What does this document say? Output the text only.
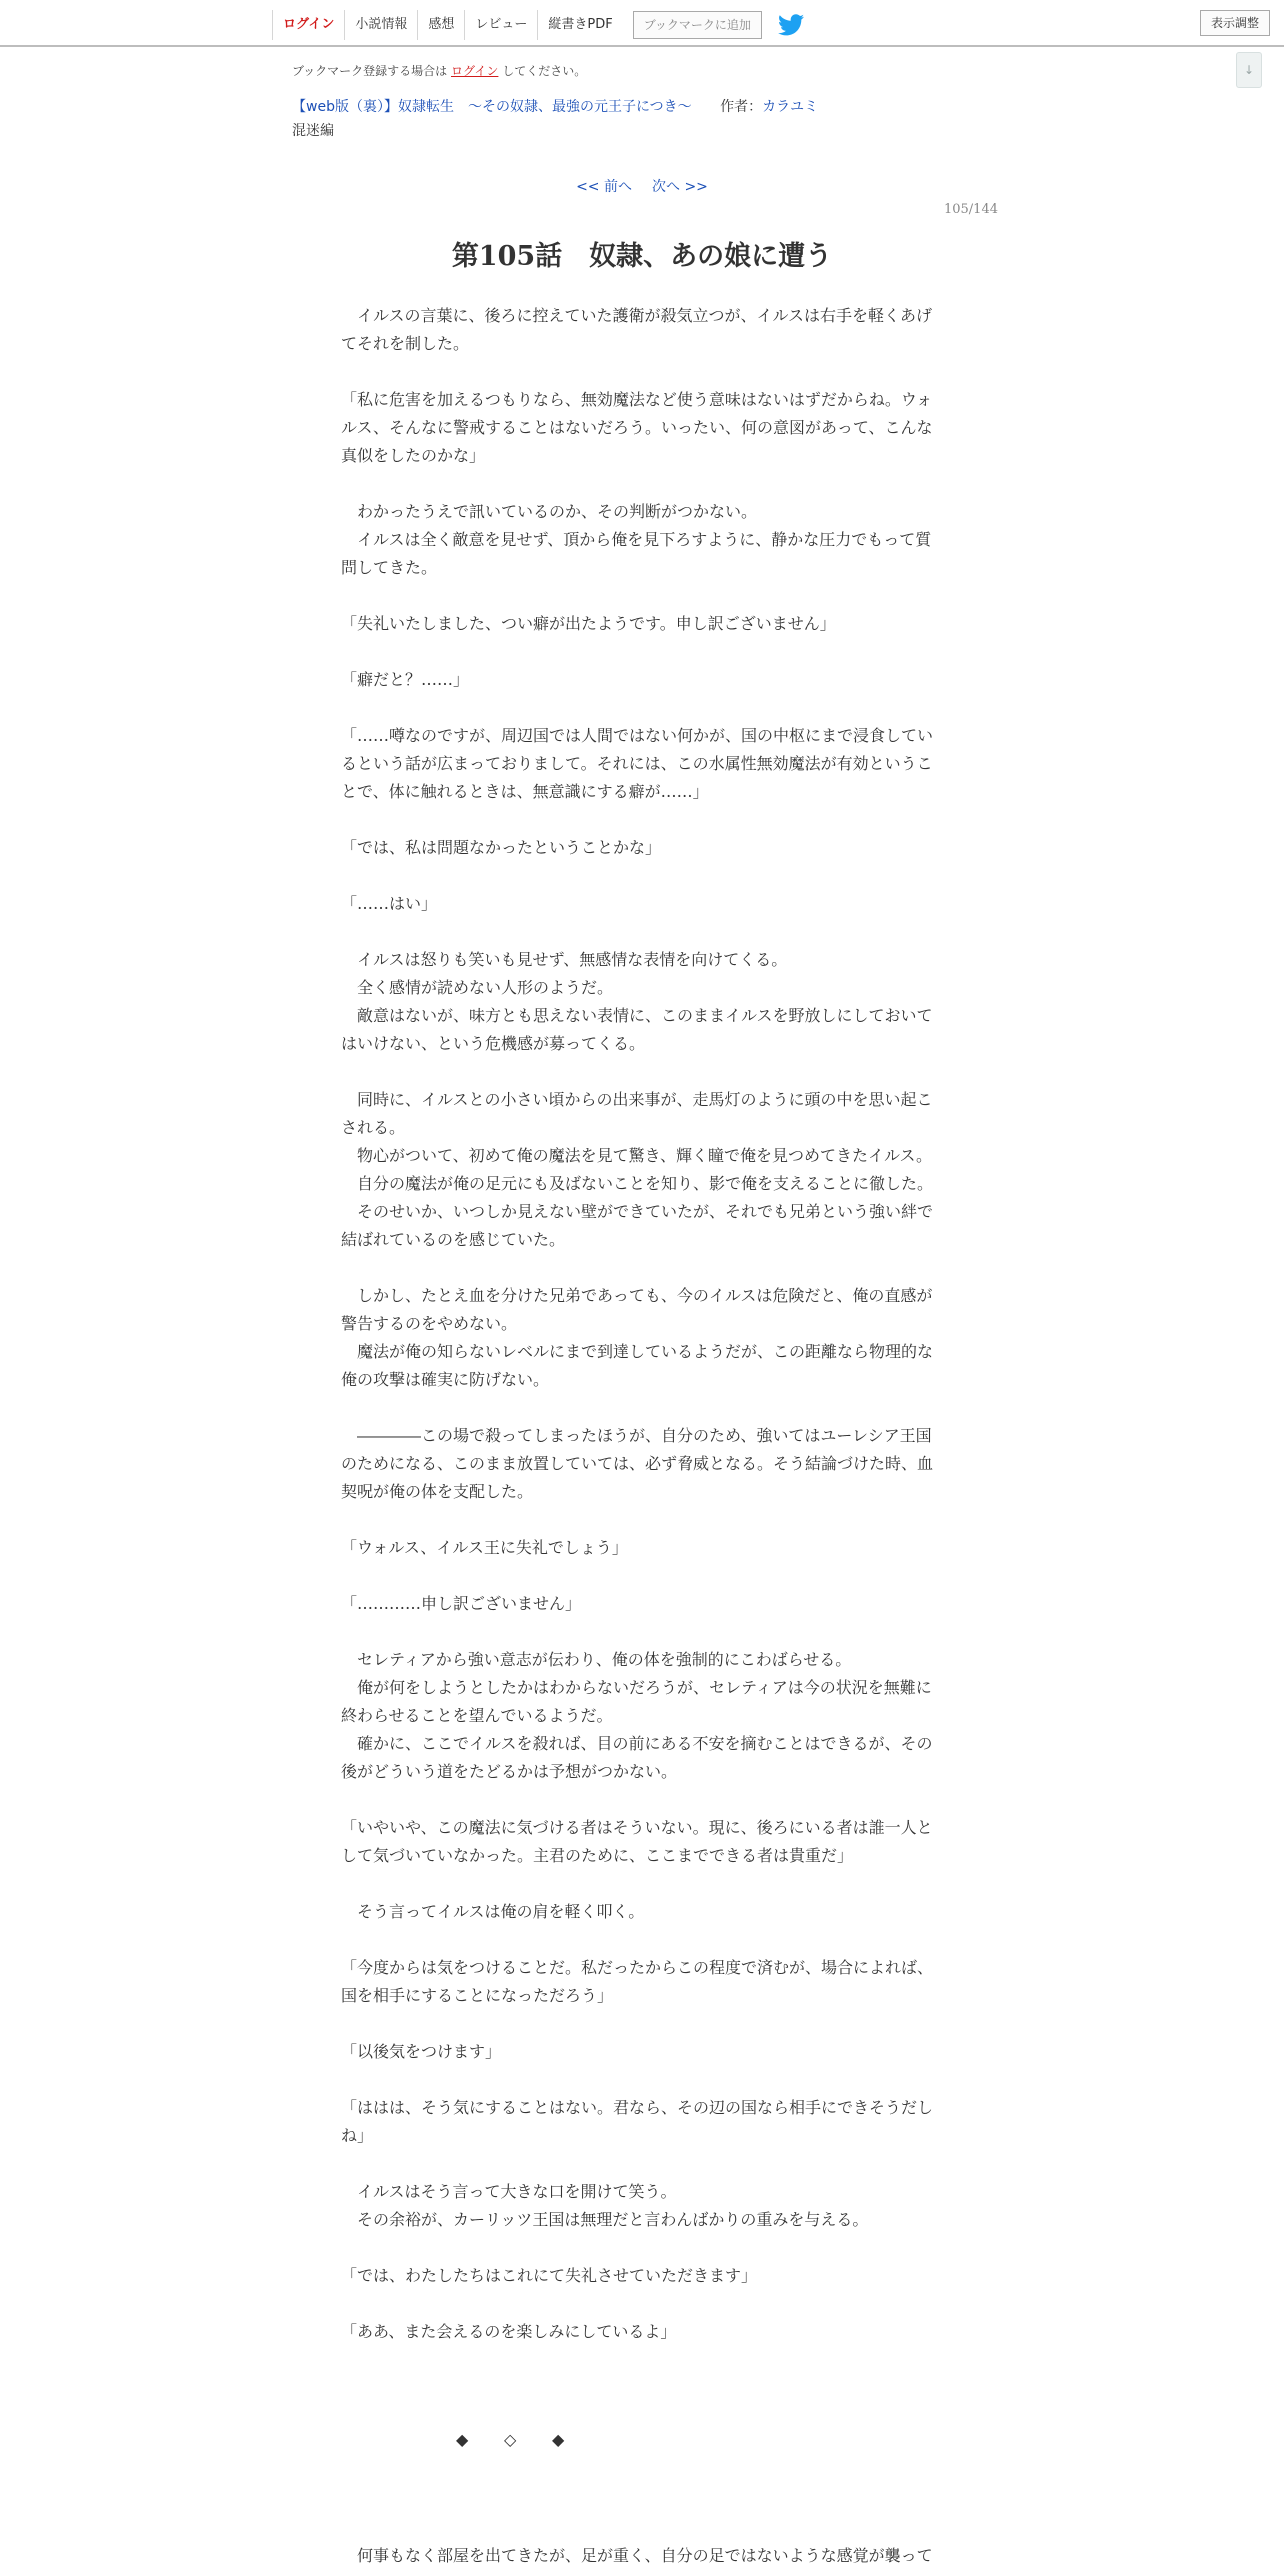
ログイン	小説情報	感想	レビュー	縦書きPDF	ブックマークに追加	表示調整
↓
ブックマーク登録する場合は ログイン してください。
【web版（裏）】奴隷転生　～その奴隷、最強の元王子につき～ 作者：カラユミ
混迷編
<< 前へ 次へ >>
105/144
第105話　奴隷、あの娘に遭う

　イルスの言葉に、後ろに控えていた護衛が殺気立つが、イルスは右手を軽くあげてそれを制した。

「私に危害を加えるつもりなら、無効魔法など使う意味はないはずだからね。ウォルス、そんなに警戒することはないだろう。いったい、何の意図があって、こんな真似をしたのかな」

　わかったうえで訊いているのか、その判断がつかない。

　イルスは全く敵意を見せず、頂から俺を見下ろすように、静かな圧力でもって質問してきた。

「失礼いたしました、つい癖が出たようです。申し訳ございません」

「癖だと？……」

「……噂なのですが、周辺国では人間ではない何かが、国の中枢にまで浸食しているという話が広まっておりまして。それには、この水属性無効魔法が有効ということで、体に触れるときは、無意識にする癖が……」

「では、私は問題なかったということかな」

「……はい」

　イルスは怒りも笑いも見せず、無感情な表情を向けてくる。

　全く感情が読めない人形のようだ。

　敵意はないが、味方とも思えない表情に、このままイルスを野放しにしておいてはいけない、という危機感が募ってくる。

　同時に、イルスとの小さい頃からの出来事が、走馬灯のように頭の中を思い起こされる。

　物心がついて、初めて俺の魔法を見て驚き、輝く瞳で俺を見つめてきたイルス。

　自分の魔法が俺の足元にも及ばないことを知り、影で俺を支えることに徹した。

　そのせいか、いつしか見えない壁ができていたが、それでも兄弟という強い絆で結ばれているのを感じていた。

　しかし、たとえ血を分けた兄弟であっても、今のイルスは危険だと、俺の直感が警告するのをやめない。

　魔法が俺の知らないレベルにまで到達しているようだが、この距離なら物理的な俺の攻撃は確実に防げない。

　――――この場で殺ってしまったほうが、自分のため、強いてはユーレシア王国のためになる、このまま放置していては、必ず脅威となる。そう結論づけた時、血契呪が俺の体を支配した。

「ウォルス、イルス王に失礼でしょう」

「…………申し訳ございません」

　セレティアから強い意志が伝わり、俺の体を強制的にこわばらせる。

　俺が何をしようとしたかはわからないだろうが、セレティアは今の状況を無難に終わらせることを望んでいるようだ。

　確かに、ここでイルスを殺れば、目の前にある不安を摘むことはできるが、その後がどういう道をたどるかは予想がつかない。

「いやいや、この魔法に気づける者はそういない。現に、後ろにいる者は誰一人として気づいていなかった。主君のために、ここまでできる者は貴重だ」

　そう言ってイルスは俺の肩を軽く叩く。

「今度からは気をつけることだ。私だったからこの程度で済むが、場合によれば、国を相手にすることになっただろう」

「以後気をつけます」

「ははは、そう気にすることはない。君なら、その辺の国なら相手にできそうだしね」

　イルスはそう言って大きな口を開けて笑う。

　その余裕が、カーリッツ王国は無理だと言わんばかりの重みを与える。

「では、わたしたちはこれにて失礼させていただきます」

「ああ、また会えるのを楽しみにしているよ」

◆ ◇ ◆
　何事もなく部屋を出てきたが、足が重く、自分の足ではないような感覚が襲って
